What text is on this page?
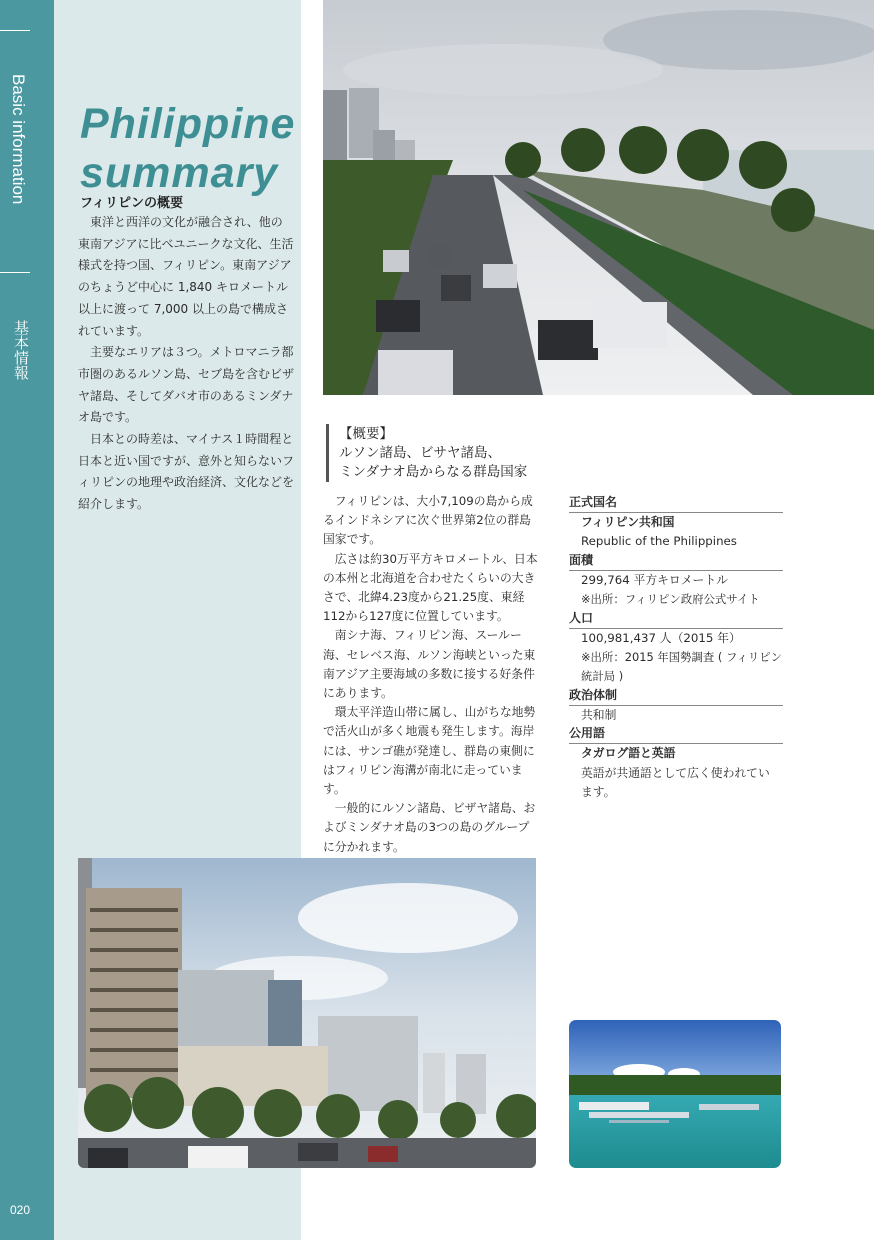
Basic information
基本情報
020
Philippine
summary
フィリピンの概要

東洋と西洋の文化が融合され、他の東南アジアに比べユニークな文化、生活様式を持つ国、フィリピン。東南アジアのちょうど中心に 1,840 キロメートル以上に渡って 7,000 以上の島で構成されています。

主要なエリアは３つ。メトロマニラ都市圏のあるルソン島、セブ島を含むビザヤ諸島、そしてダバオ市のあるミンダナオ島です。

日本との時差は、マイナス１時間程と日本と近い国ですが、意外と知らないフィリピンの地理や政治経済、文化などを紹介します。

【概要】
ルソン諸島、ビサヤ諸島、
ミンダナオ島からなる群島国家

フィリピンは、大小7,109の島から成るインドネシアに次ぐ世界第2位の群島国家です。

広さは約30万平方キロメートル、日本の本州と北海道を合わせたくらいの大きさで、北緯4.23度から21.25度、東経112から127度に位置しています。

南シナ海、フィリピン海、スールー海、セレベス海、ルソン海峡といった東南アジア主要海域の多数に接する好条件にあります。

環太平洋造山帯に属し、山がちな地勢で活火山が多く地震も発生します。海岸には、サンゴ礁が発達し、群島の東側にはフィリピン海溝が南北に走っています。

一般的にルソン諸島、ビザヤ諸島、およびミンダナオ島の3つの島のグループに分かれます。

正式国名
フィリピン共和国
Republic of the Philippines
面積
299,764 平方キロメートル
※出所：フィリピン政府公式サイト
人口
100,981,437 人（2015 年）
※出所：2015 年国勢調査 ( フィリピン
統計局 )
政治体制
共和制
公用語
タガログ語と英語
英語が共通語として広く使われてい
ます。
